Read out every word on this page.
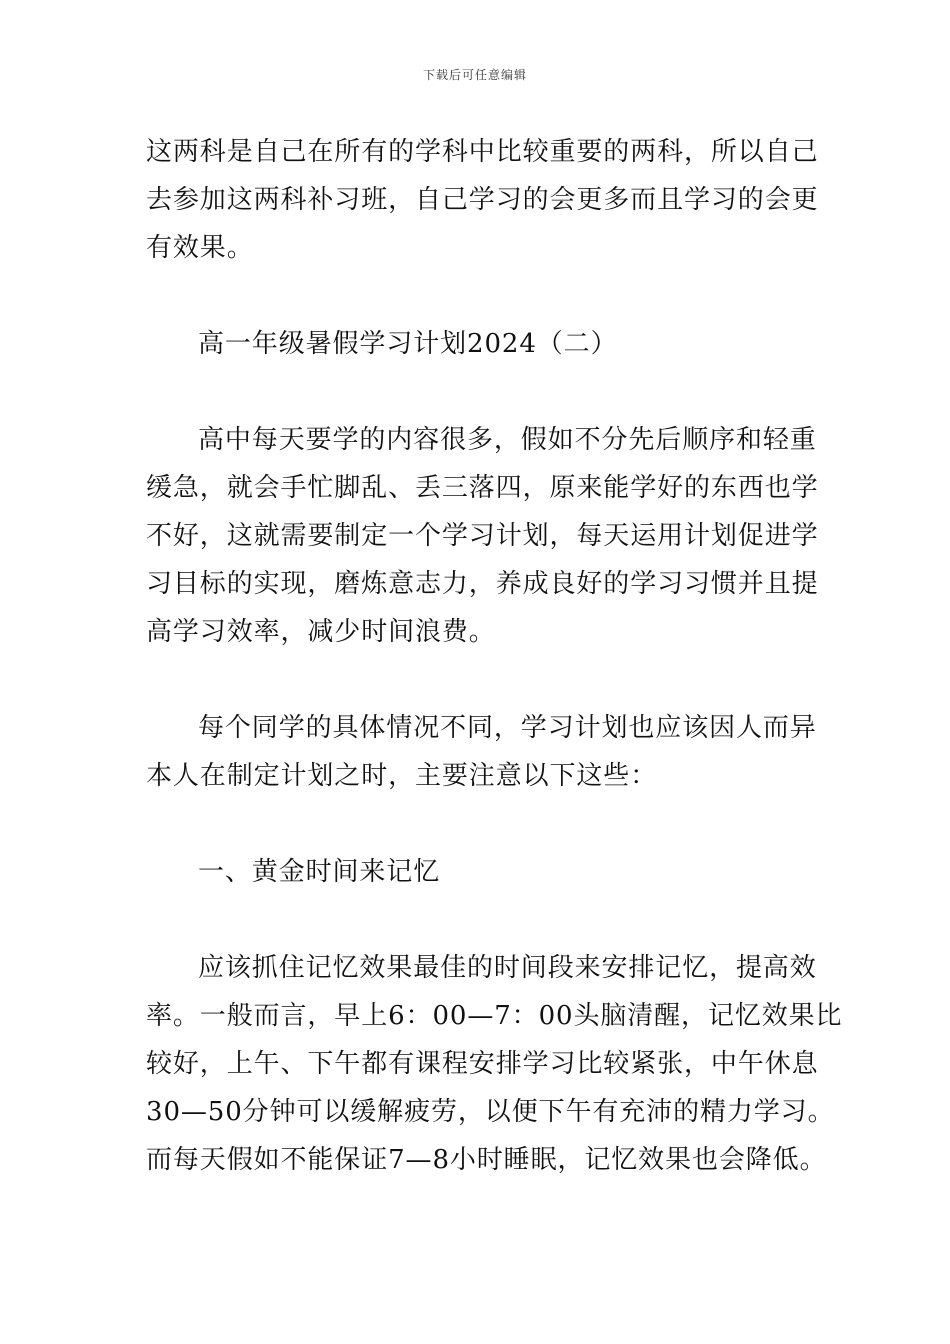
下载后可任意编辑
这两科是自己在所有的学科中比较重要的两科，所以自己
去参加这两科补习班，自己学习的会更多而且学习的会更
有效果。
高一年级暑假学习计划2024（二）
高中每天要学的内容很多，假如不分先后顺序和轻重
缓急，就会手忙脚乱、丢三落四，原来能学好的东西也学
不好，这就需要制定一个学习计划，每天运用计划促进学
习目标的实现，磨炼意志力，养成良好的学习习惯并且提
高学习效率，减少时间浪费。
每个同学的具体情况不同，学习计划也应该因人而异
本人在制定计划之时，主要注意以下这些：
一、黄金时间来记忆
应该抓住记忆效果最佳的时间段来安排记忆，提高效
率。一般而言，早上6：00—7：00头脑清醒，记忆效果比
较好，上午、下午都有课程安排学习比较紧张，中午休息
30—50分钟可以缓解疲劳，以便下午有充沛的精力学习。
而每天假如不能保证7—8小时睡眠，记忆效果也会降低。
